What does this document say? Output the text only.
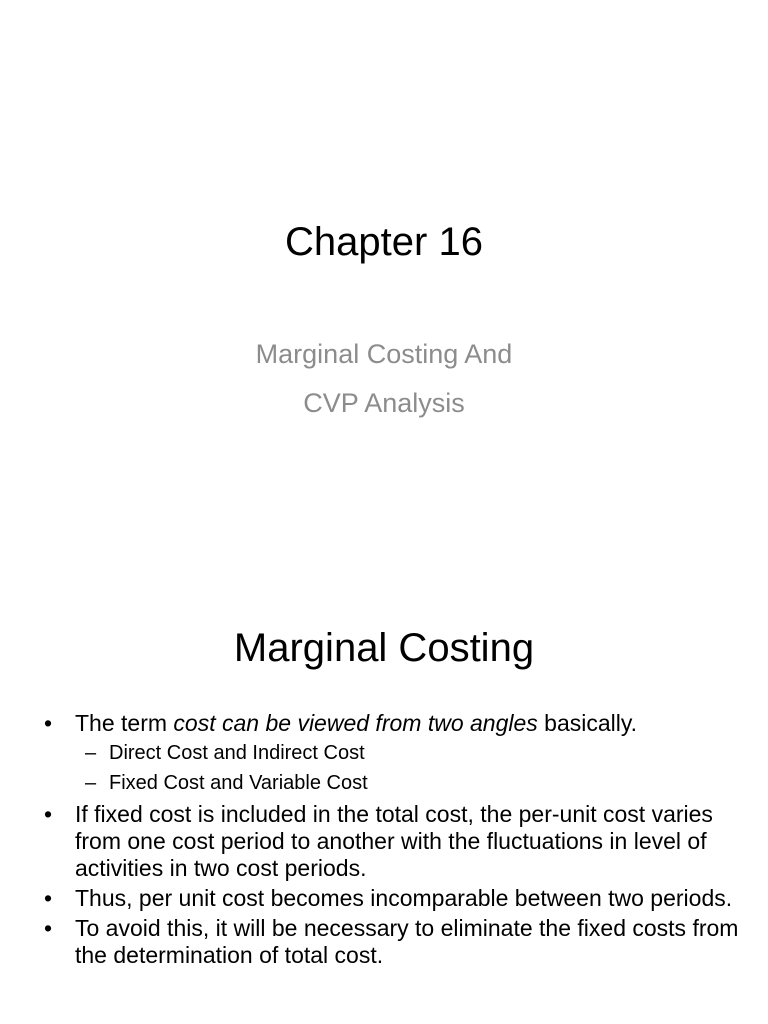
Chapter 16
Marginal Costing And
CVP Analysis
Marginal Costing
• The term cost can be viewed from two angles basically.
– Direct Cost and Indirect Cost
– Fixed Cost and Variable Cost
• If fixed cost is included in the total cost, the per-unit cost varies from one cost period to another with the fluctuations in level of activities in two cost periods.
• Thus, per unit cost becomes incomparable between two periods.
• To avoid this, it will be necessary to eliminate the fixed costs from the determination of total cost.
